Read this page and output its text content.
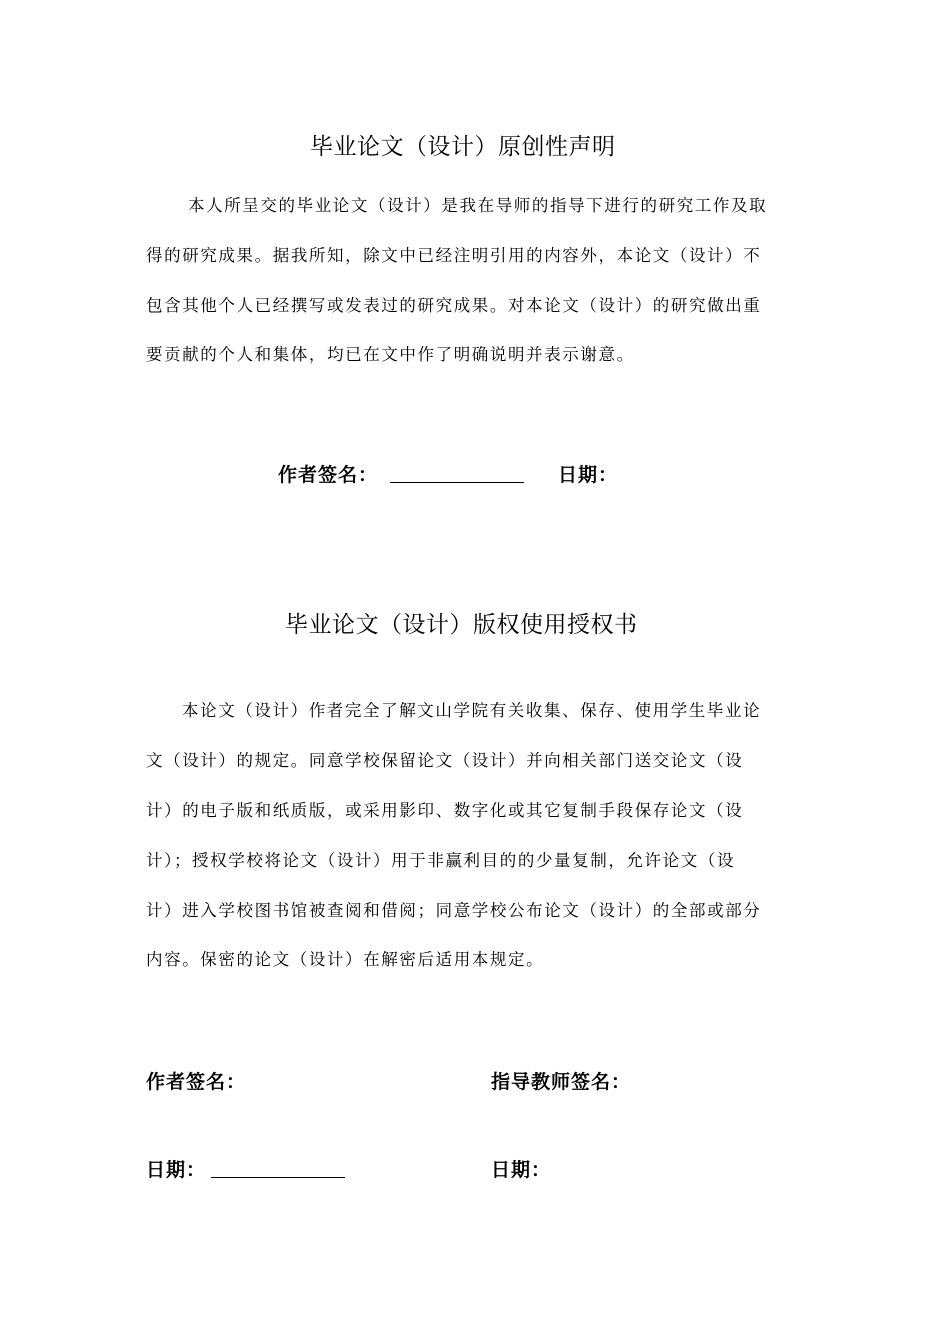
毕业论文（设计）原创性声明
本人所呈交的毕业论文（设计）是我在导师的指导下进行的研究工作及取
得的研究成果。据我所知，除文中已经注明引用的内容外，本论文（设计）不
包含其他个人已经撰写或发表过的研究成果。对本论文（设计）的研究做出重
要贡献的个人和集体，均已在文中作了明确说明并表示谢意。
作者签名：	日期：
毕业论文（设计）版权使用授权书
本论文（设计）作者完全了解文山学院有关收集、保存、使用学生毕业论
文（设计）的规定。同意学校保留论文（设计）并向相关部门送交论文（设
计）的电子版和纸质版，或采用影印、数字化或其它复制手段保存论文（设
计）；授权学校将论文（设计）用于非赢利目的的少量复制，允许论文（设
计）进入学校图书馆被查阅和借阅；同意学校公布论文（设计）的全部或部分
内容。保密的论文（设计）在解密后适用本规定。
作者签名：	指导教师签名：
日期：	日期：
